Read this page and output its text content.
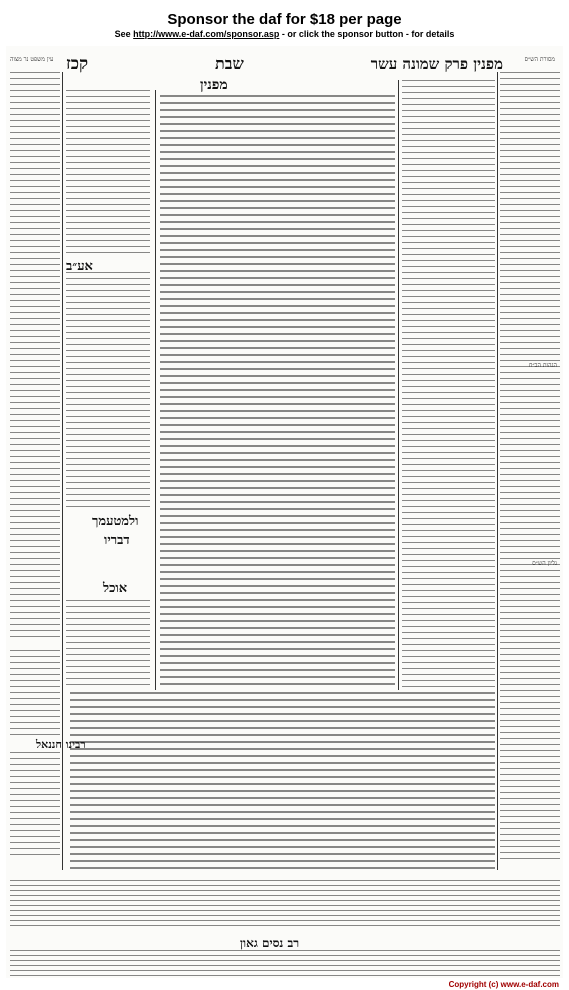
Sponsor the daf for $18 per page
See http://www.e-daf.com/sponsor.asp - or click the sponsor button - for details
קכז	שבת	מפנין פרק שמונה עשר
עין משפט נר מצוה	מסורת הש״ס
גליון הש״ס
הגהות הב״ח
מפנין
אע״ב
ולמטעמך
דבריו
אוכל
רבינו חננאל
רב נסים גאון
Copyright (c) www.e-daf.com
